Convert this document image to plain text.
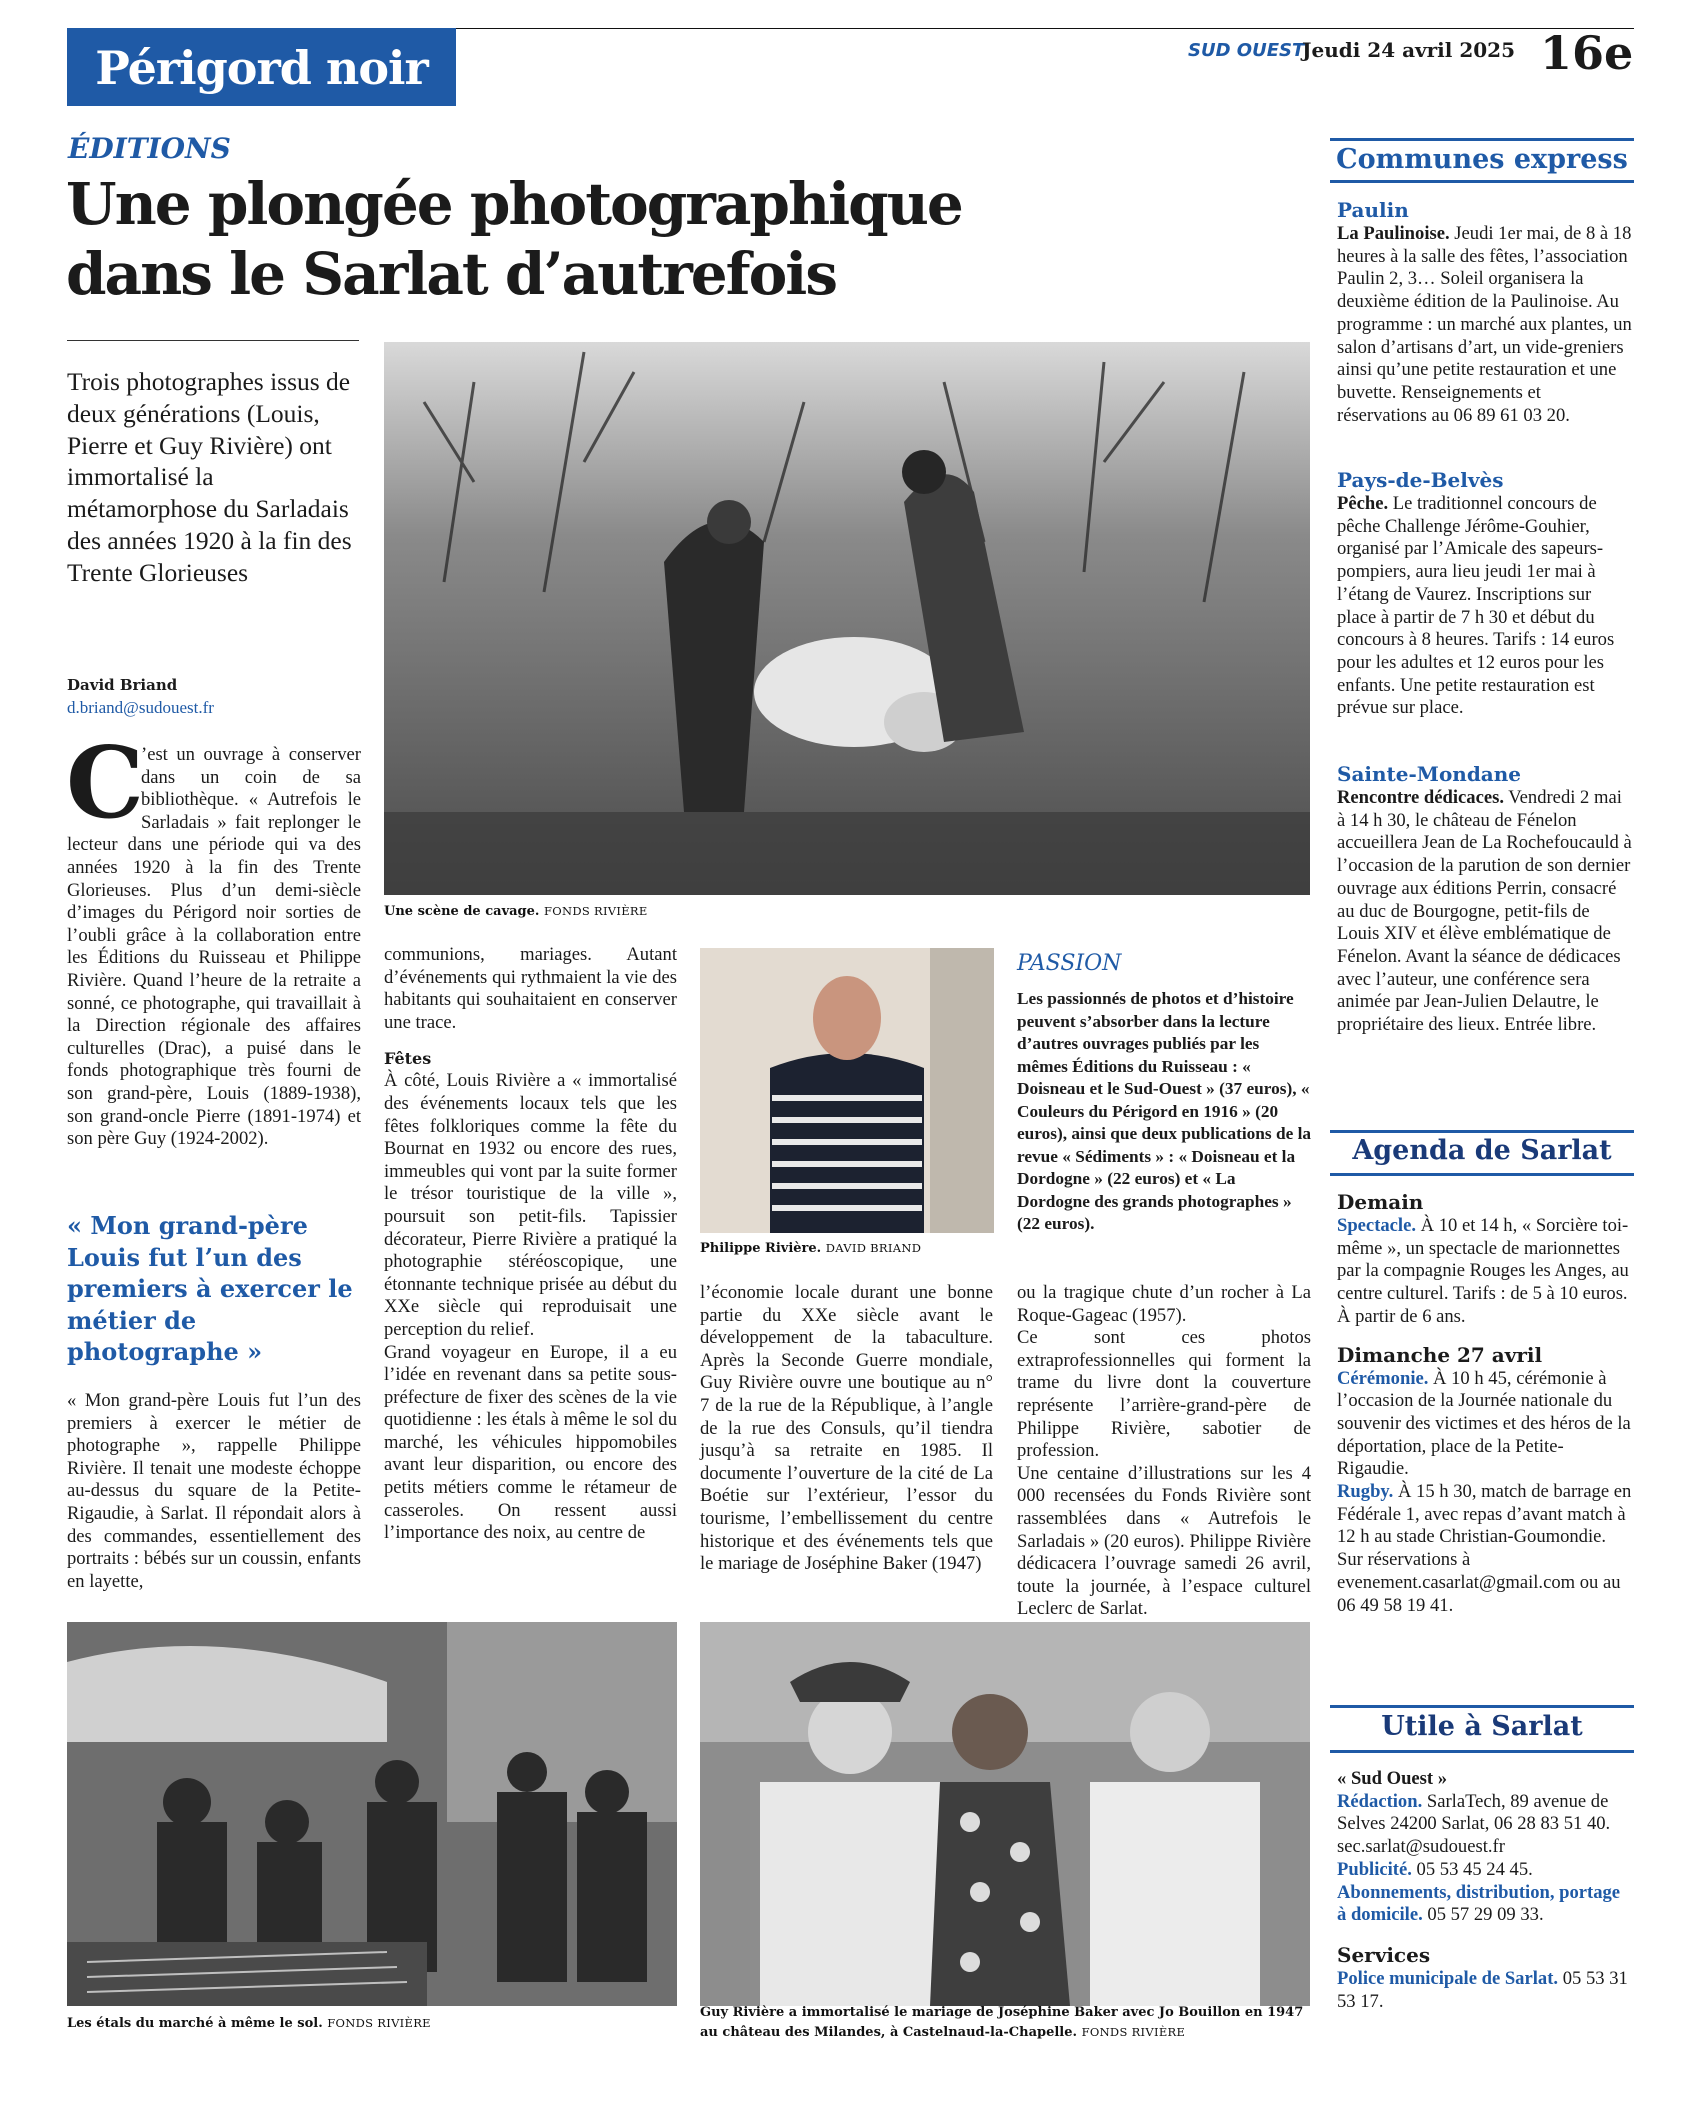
Périgord noir	SUD OUEST
Jeudi 24 avril 2025 16e
ÉDITIONS
Une plongée photographique
dans le Sarlat d’autrefois
Trois photographes issus de deux générations (Louis, Pierre et Guy Rivière) ont immortalisé la métamorphose du Sarladais des années 1920 à la fin des Trente Glorieuses
David Briand
d.briand@sudouest.fr
Une scène de cavage. FONDS RIVIÈRE
C
’est un ouvrage à conserver dans un coin de sa bibliothèque. « Autrefois le Sarladais » fait replonger le lecteur dans une période qui va des années 1920 à la fin des Trente Glorieuses. Plus d’un demi-siècle d’images du Périgord noir sorties de l’oubli grâce à la collaboration entre les Éditions du Ruisseau et Philippe Rivière. Quand l’heure de la retraite a sonné, ce photographe, qui travaillait à la Direction régionale des affaires culturelles (Drac), a puisé dans le fonds photographique très fourni de son grand-père, Louis (1889-1938), son grand-oncle Pierre (1891-1974) et son père Guy (1924-2002).
« Mon grand-père Louis fut l’un des premiers à exercer le métier de photographe »
« Mon grand-père Louis fut l’un des premiers à exercer le métier de photographe », rappelle Philippe Rivière. Il tenait une modeste échoppe au-dessus du square de la Petite-Rigaudie, à Sarlat. Il répondait alors à des commandes, essentiellement des portraits : bébés sur un coussin, enfants en layette,

communions, mariages. Autant d’événements qui rythmaient la vie des habitants qui souhaitaient en conserver une trace.

Fêtes

À côté, Louis Rivière a « immortalisé des événements locaux tels que les fêtes folkloriques comme la fête du Bournat en 1932 ou encore des rues, immeubles qui vont par la suite former le trésor touristique de la ville », poursuit son petit-fils. Tapissier décorateur, Pierre Rivière a pratiqué la photographie stéréoscopique, une étonnante technique prisée au début du XXe siècle qui reproduisait une perception du relief.

Grand voyageur en Europe, il a eu l’idée en revenant dans sa petite sous-préfecture de fixer des scènes de la vie quotidienne : les étals à même le sol du marché, les véhicules hippomobiles avant leur disparition, ou encore des petits métiers comme le rétameur de casseroles. On ressent aussi l’importance des noix, au centre de

Philippe Rivière. DAVID BRIAND
l’économie locale durant une bonne partie du XXe siècle avant le développement de la tabaculture. Après la Seconde Guerre mondiale, Guy Rivière ouvre une boutique au n° 7 de la rue de la République, à l’angle de la rue des Consuls, qu’il tiendra jusqu’à sa retraite en 1985. Il documente l’ouverture de la cité de La Boétie sur l’extérieur, l’essor du tourisme, l’embellissement du centre historique et des événements tels que le mariage de Joséphine Baker (1947)
PASSION
Les passionnés de photos et d’histoire peuvent s’absorber dans la lecture d’autres ouvrages publiés par les mêmes Éditions du Ruisseau : « Doisneau et le Sud-Ouest » (37 euros), « Couleurs du Périgord en 1916 » (20 euros), ainsi que deux publications de la revue « Sédiments » : « Doisneau et la Dordogne » (22 euros) et « La Dordogne des grands photographes » (22 euros).

ou la tragique chute d’un rocher à La Roque-Gageac (1957).

Ce sont ces photos extraprofessionnelles qui forment la trame du livre dont la couverture représente l’arrière-grand-père de Philippe Rivière, sabotier de profession.

Une centaine d’illustrations sur les 4 000 recensées du Fonds Rivière sont rassemblées dans « Autrefois le Sarladais » (20 euros). Philippe Rivière dédicacera l’ouvrage samedi 26 avril, toute la journée, à l’espace culturel Leclerc de Sarlat.

Les étals du marché à même le sol. FONDS RIVIÈRE
Guy Rivière a immortalisé le mariage de Joséphine Baker avec Jo Bouillon en 1947
au château des Milandes, à Castelnaud-la-Chapelle. FONDS RIVIÈRE
Communes express
Paulin
La Paulinoise. Jeudi 1er mai, de 8 à 18 heures à la salle des fêtes, l’association Paulin 2, 3… Soleil organisera la deuxième édition de la Paulinoise. Au programme : un marché aux plantes, un salon d’artisans d’art, un vide-greniers ainsi qu’une petite restauration et une buvette. Renseignements et réservations au 06 89 61 03 20.
Pays-de-Belvès
Pêche. Le traditionnel concours de pêche Challenge Jérôme-Gouhier, organisé par l’Amicale des sapeurs-pompiers, aura lieu jeudi 1er mai à l’étang de Vaurez. Inscriptions sur place à partir de 7 h 30 et début du concours à 8 heures. Tarifs : 14 euros pour les adultes et 12 euros pour les enfants. Une petite restauration est prévue sur place.
Sainte-Mondane
Rencontre dédicaces. Vendredi 2 mai à 14 h 30, le château de Fénelon accueillera Jean de La Rochefoucauld à l’occasion de la parution de son dernier ouvrage aux éditions Perrin, consacré au duc de Bourgogne, petit-fils de Louis XIV et élève emblématique de Fénelon. Avant la séance de dédicaces avec l’auteur, une conférence sera animée par Jean-Julien Delautre, le propriétaire des lieux. Entrée libre.
Agenda de Sarlat
Demain
Spectacle. À 10 et 14 h, « Sorcière toi-même », un spectacle de marionnettes par la compagnie Rouges les Anges, au centre culturel. Tarifs : de 5 à 10 euros. À partir de 6 ans.
Dimanche 27 avril
Cérémonie. À 10 h 45, cérémonie à l’occasion de la Journée nationale du souvenir des victimes et des héros de la déportation, place de la Petite-Rigaudie.
Rugby. À 15 h 30, match de barrage en Fédérale 1, avec repas d’avant match à 12 h au stade Christian-Goumondie. Sur réservations à evenement.casarlat@gmail.com ou au 06 49 58 19 41.
Utile à Sarlat
« Sud Ouest »
Rédaction. SarlaTech, 89 avenue de Selves 24200 Sarlat, 06 28 83 51 40. sec.sarlat@sudouest.fr
Publicité. 05 53 45 24 45.
Abonnements, distribution, portage à domicile. 05 57 29 09 33.
Services
Police municipale de Sarlat. 05 53 31 53 17.
